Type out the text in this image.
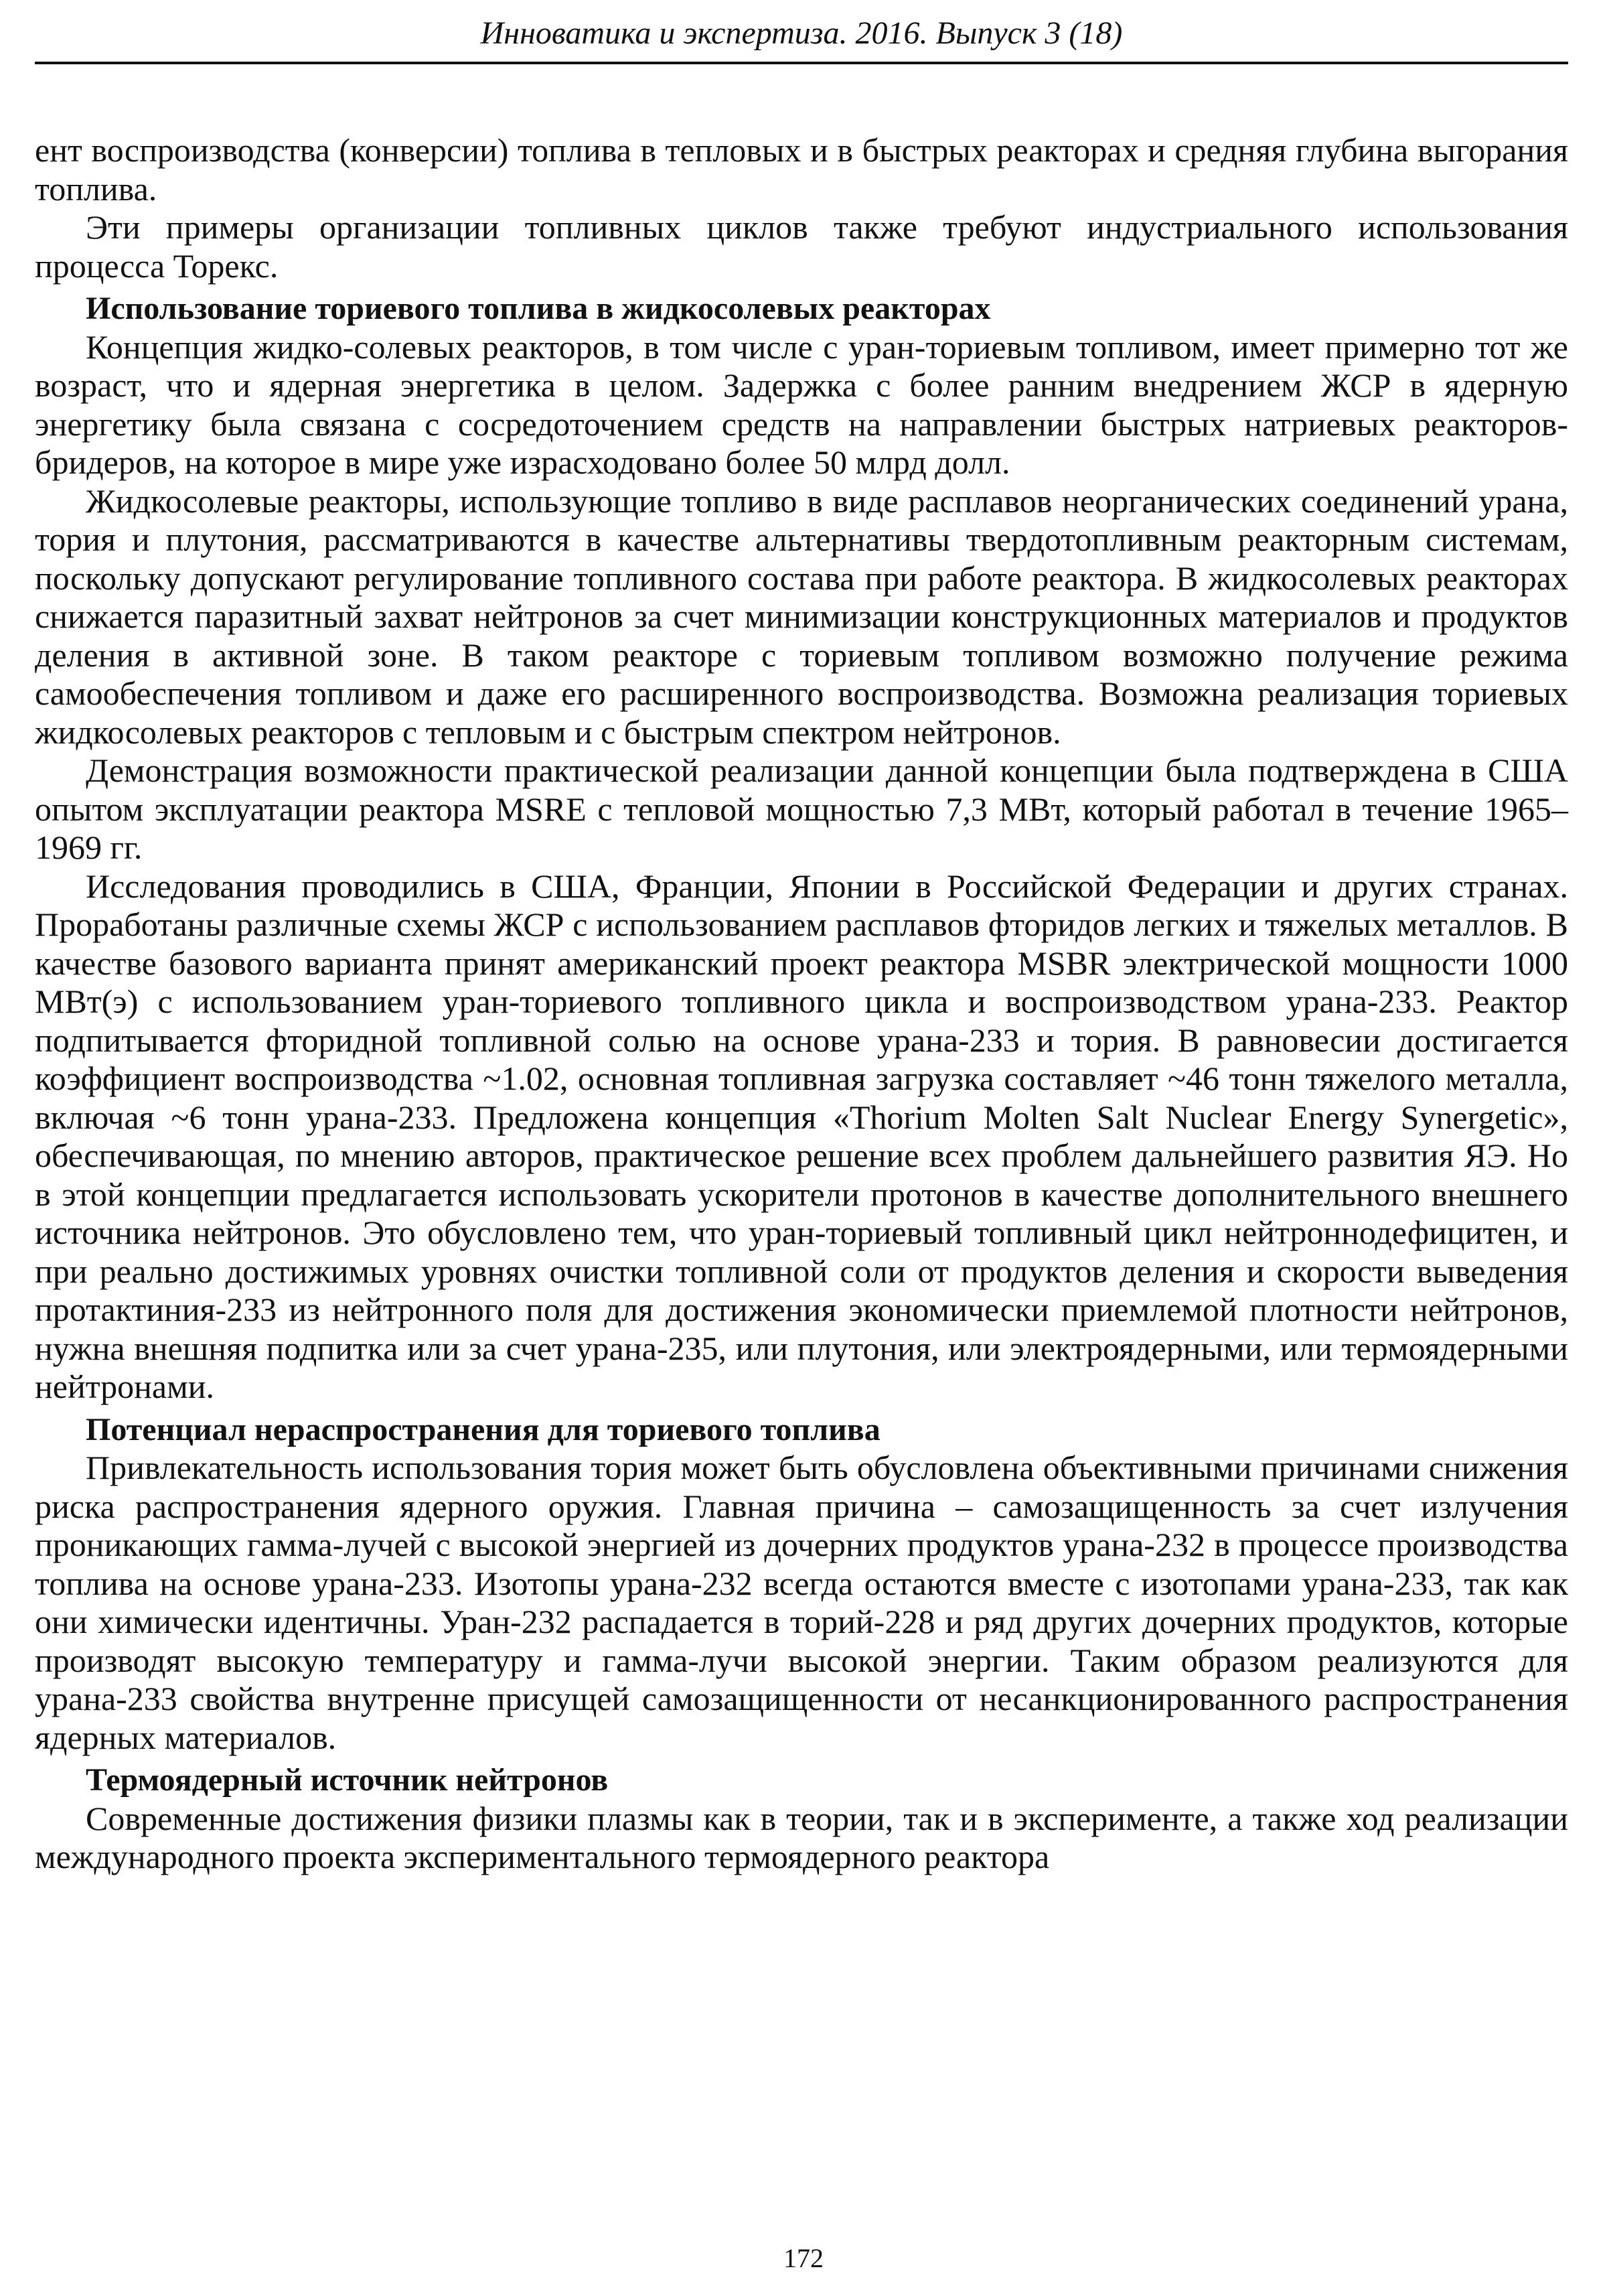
Инноватика и экспертиза. 2016. Выпуск 3 (18)

ент воспроизводства (конверсии) топлива в тепловых и в быстрых реакторах и средняя глубина выгорания топлива.

Эти примеры организации топливных циклов также требуют индустриального использования процесса Торекс.

Использование ториевого топлива в жидкосолевых реакторах

Концепция жидко-солевых реакторов, в том числе с уран-ториевым топливом, имеет примерно тот же возраст, что и ядерная энергетика в целом. Задержка с более ранним внедрением ЖСР в ядерную энергетику была связана с сосредоточением средств на направлении быстрых натриевых реакторов-бридеров, на которое в мире уже израсходовано более 50 млрд долл.

Жидкосолевые реакторы, использующие топливо в виде расплавов неорганических соединений урана, тория и плутония, рассматриваются в качестве альтернативы твердотопливным реакторным системам, поскольку допускают регулирование топливного состава при работе реактора. В жидкосолевых реакторах снижается паразитный захват нейтронов за счет минимизации конструкционных материалов и продуктов деления в активной зоне. В таком реакторе с ториевым топливом возможно получение режима самообеспечения топливом и даже его расширенного воспроизводства. Возможна реализация ториевых жидкосолевых реакторов с тепловым и с быстрым спектром нейтронов.

Демонстрация возможности практической реализации данной концепции была подтверждена в США опытом эксплуатации реактора MSRE с тепловой мощностью 7,3 МВт, который работал в течение 1965–1969 гг.

Исследования проводились в США, Франции, Японии в Российской Федерации и других странах. Проработаны различные схемы ЖСР с использованием расплавов фторидов легких и тяжелых металлов. В качестве базового варианта принят американский проект реактора MSBR электрической мощности 1000 МВт(э) с использованием уран-ториевого топливного цикла и воспроизводством урана-233. Реактор подпитывается фторидной топливной солью на основе урана-233 и тория. В равновесии достигается коэффициент воспроизводства ~1.02, основная топливная загрузка составляет ~46 тонн тяжелого металла, включая ~6 тонн урана-233. Предложена концепция «Thorium Molten Salt Nuclear Energy Synergetic», обеспечивающая, по мнению авторов, практическое решение всех проблем дальнейшего развития ЯЭ. Но в этой концепции предлагается использовать ускорители протонов в качестве дополнительного внешнего источника нейтронов. Это обусловлено тем, что уран-ториевый топливный цикл нейтроннодефицитен, и при реально достижимых уровнях очистки топливной соли от продуктов деления и скорости выведения протактиния-233 из нейтронного поля для достижения экономически приемлемой плотности нейтронов, нужна внешняя подпитка или за счет урана-235, или плутония, или электроядерными, или термоядерными нейтронами.

Потенциал нераспространения для ториевого топлива

Привлекательность использования тория может быть обусловлена объективными причинами снижения риска распространения ядерного оружия. Главная причина – самозащищенность за счет излучения проникающих гамма-лучей с высокой энергией из дочерних продуктов урана-232 в процессе производства топлива на основе урана-233. Изотопы урана-232 всегда остаются вместе с изотопами урана-233, так как они химически идентичны. Уран-232 распадается в торий-228 и ряд других дочерних продуктов, которые производят высокую температуру и гамма-лучи высокой энергии. Таким образом реализуются для урана-233 свойства внутренне присущей самозащищенности от несанкционированного распространения ядерных материалов.

Термоядерный источник нейтронов

Современные достижения физики плазмы как в теории, так и в эксперименте, а также ход реализации международного проекта экспериментального термоядерного реактора

172
